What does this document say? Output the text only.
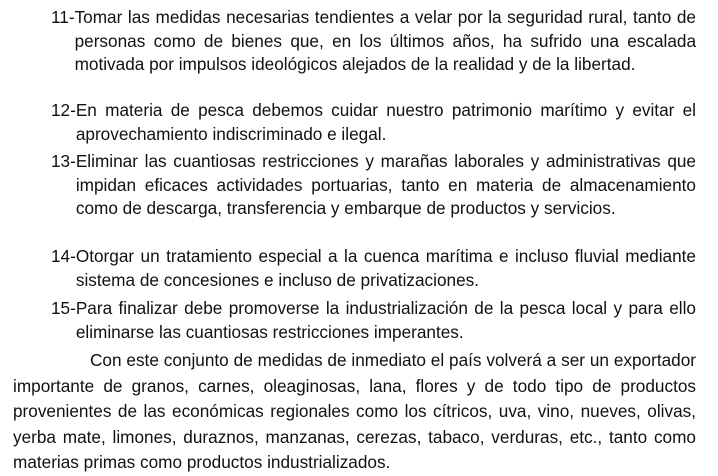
11- Tomar las medidas necesarias tendientes a velar por la seguridad rural, tanto de personas como de bienes que, en los últimos años, ha sufrido una escalada motivada por impulsos ideológicos alejados de la realidad y de la libertad.
12- En materia de pesca debemos cuidar nuestro patrimonio marítimo y evitar el aprovechamiento indiscriminado e ilegal.
13- Eliminar las cuantiosas restricciones y marañas laborales y administrativas que impidan eficaces actividades portuarias, tanto en materia de almacenamiento como de descarga, transferencia y embarque de productos y servicios.
14- Otorgar un tratamiento especial a la cuenca marítima e incluso fluvial mediante sistema de concesiones e incluso de privatizaciones.
15- Para finalizar debe promoverse la industrialización de la pesca local y para ello eliminarse las cuantiosas restricciones imperantes.

Con este conjunto de medidas de inmediato el país volverá a ser un exportador importante de granos, carnes, oleaginosas, lana, flores y de todo tipo de productos provenientes de las económicas regionales como los cítricos, uva, vino, nueves, olivas, yerba mate, limones, duraznos, manzanas, cerezas, tabaco, verduras, etc., tanto como materias primas como productos industrializados.
